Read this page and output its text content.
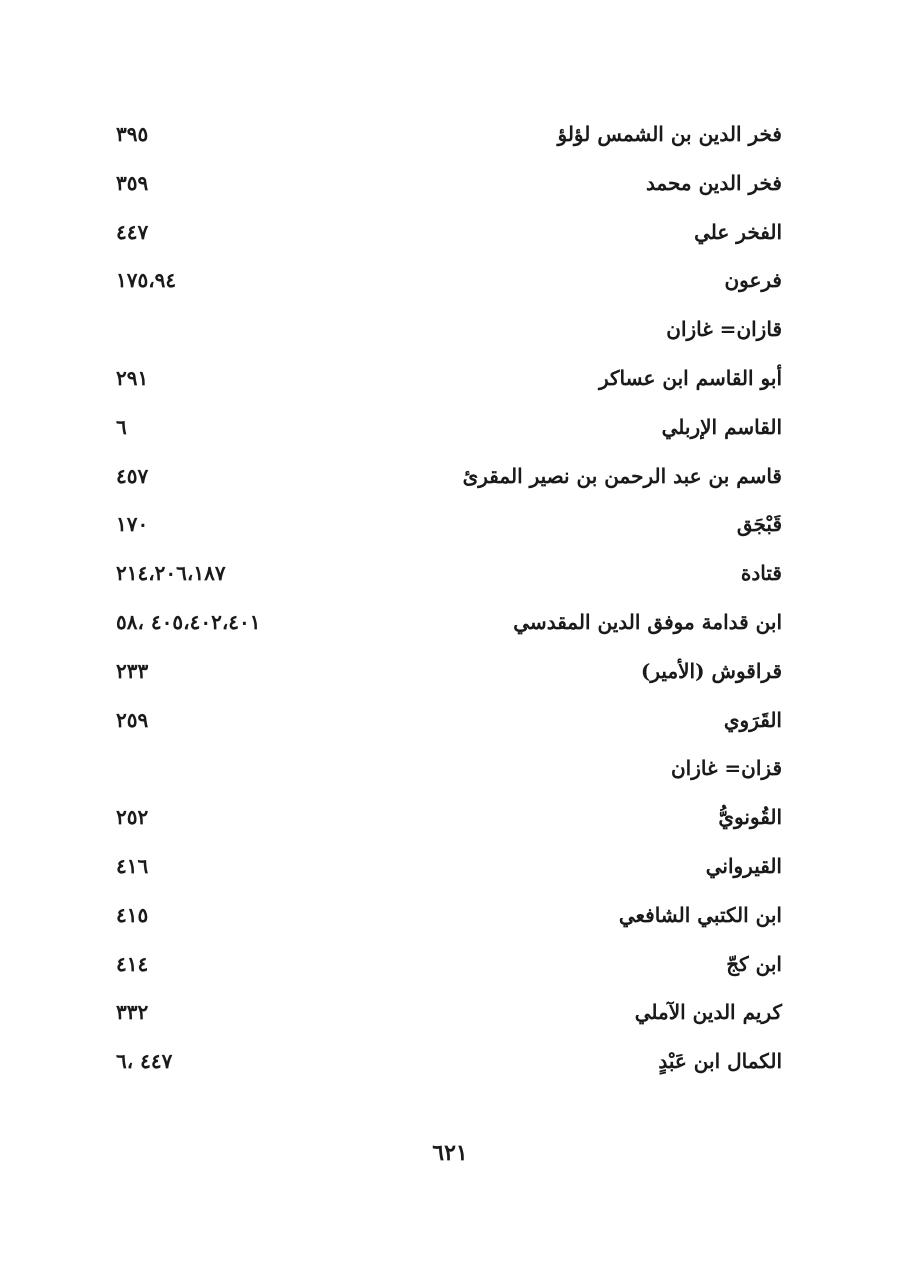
فخر الدين بن الشمس لؤلؤ
٣٩٥
فخر الدين محمد
٣٥٩
الفخر علي
٤٤٧
فرعون
١٧٥،٩٤
قازان= غازان
أبو القاسم ابن عساكر
٢٩١
القاسم الإربلي
٦
قاسم بن عبد الرحمن بن نصير المقرئ
٤٥٧
قَبْجَق
١٧٠
قتادة
٢١٤،٢٠٦،١٨٧
ابن قدامة موفق الدين المقدسي
٤٠٥،٤٠٢،٤٠١ ،٥٨
قراقوش (الأمير)
٢٣٣
القَرَوي
٢٥٩
قزان= غازان
القُونويُّ
٢٥٢
القيرواني
٤١٦
ابن الكتبي الشافعي
٤١٥
ابن كجّ
٤١٤
كريم الدين الآملي
٣٣٢
الكمال ابن عَبْدٍ
٤٤٧ ،٦
٦٢١
